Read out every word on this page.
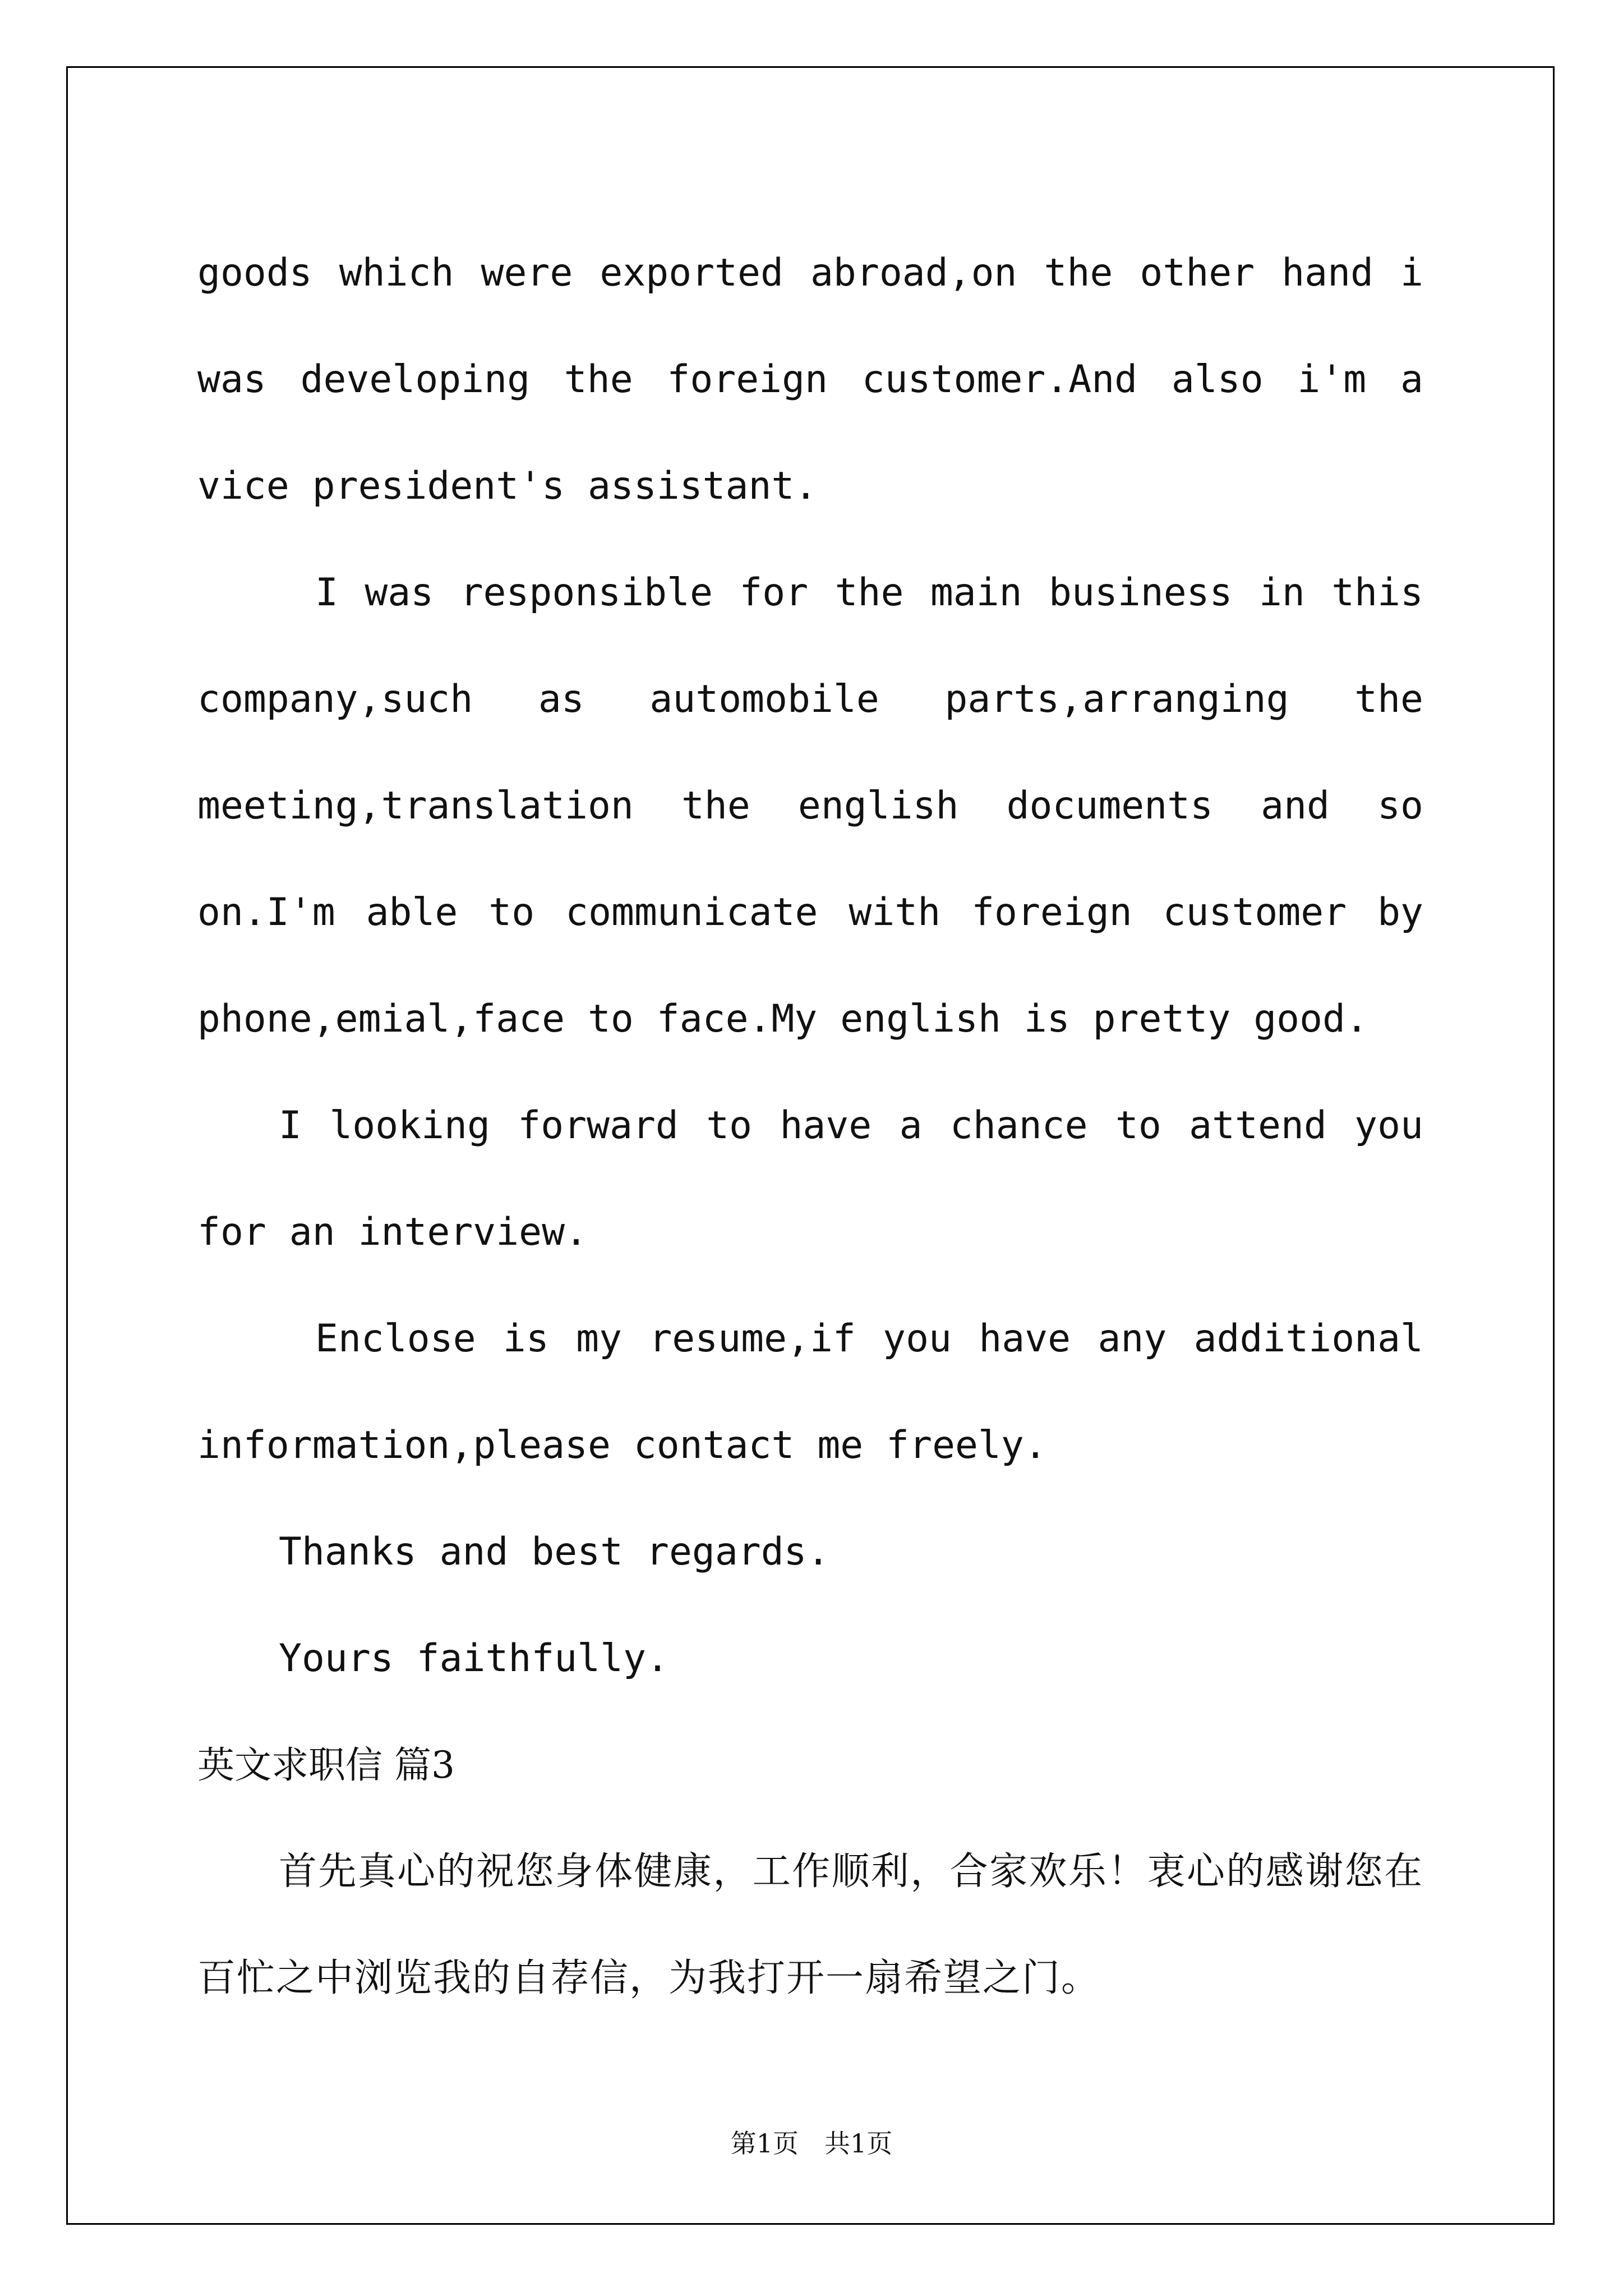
goods which were exported abroad,on the other hand i was developing the foreign customer.And also i'm a vice president's assistant.

I was responsible for the main business in this company,such as automobile parts,arranging the meeting,translation the english documents and so on.I'm able to communicate with foreign customer by phone,emial,face to face.My english is pretty good.

I looking forward to have a chance to attend you for an interview.

Enclose is my resume,if you have any additional information,please contact me freely.

Thanks and best regards.

Yours faithfully.

英文求职信 篇3

首先真心的祝您身体健康，工作顺利，合家欢乐！衷心的感谢您在百忙之中浏览我的自荐信，为我打开一扇希望之门。

第1页　共1页
